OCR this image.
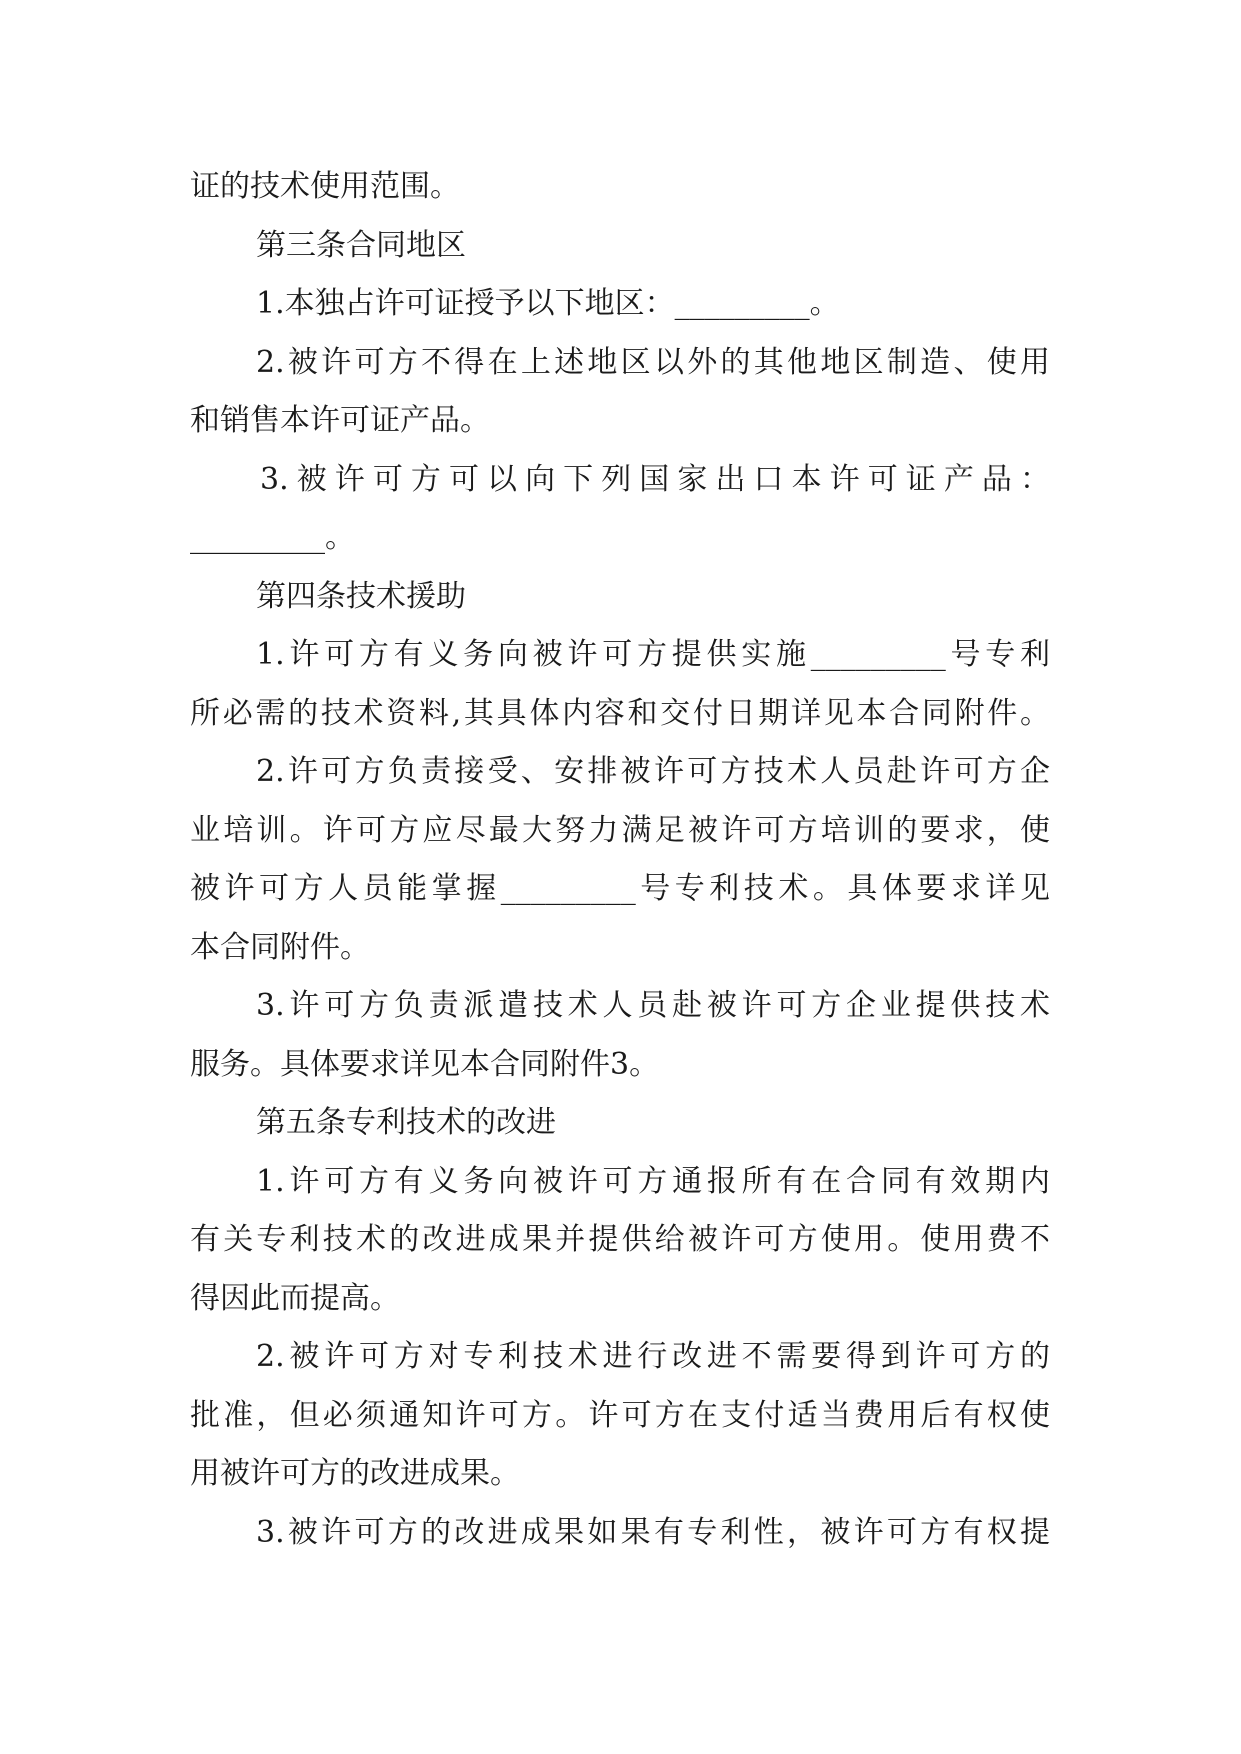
证的技术使用范围。
第三条合同地区
1.本独占许可证授予以下地区：_________。
2.被许可方不得在上述地区以外的其他地区制造、使用
和销售本许可证产品。
3.被许可方可以向下列国家出口本许可证产品：
_________。
第四条技术援助
1.许可方有义务向被许可方提供实施_________号专利
所必需的技术资料,其具体内容和交付日期详见本合同附件。
2.许可方负责接受、安排被许可方技术人员赴许可方企
业培训。许可方应尽最大努力满足被许可方培训的要求，使
被许可方人员能掌握_________号专利技术。具体要求详见
本合同附件。
3.许可方负责派遣技术人员赴被许可方企业提供技术
服务。具体要求详见本合同附件3。
第五条专利技术的改进
1.许可方有义务向被许可方通报所有在合同有效期内
有关专利技术的改进成果并提供给被许可方使用。使用费不
得因此而提高。
2.被许可方对专利技术进行改进不需要得到许可方的
批准，但必须通知许可方。许可方在支付适当费用后有权使
用被许可方的改进成果。
3.被许可方的改进成果如果有专利性，被许可方有权提
